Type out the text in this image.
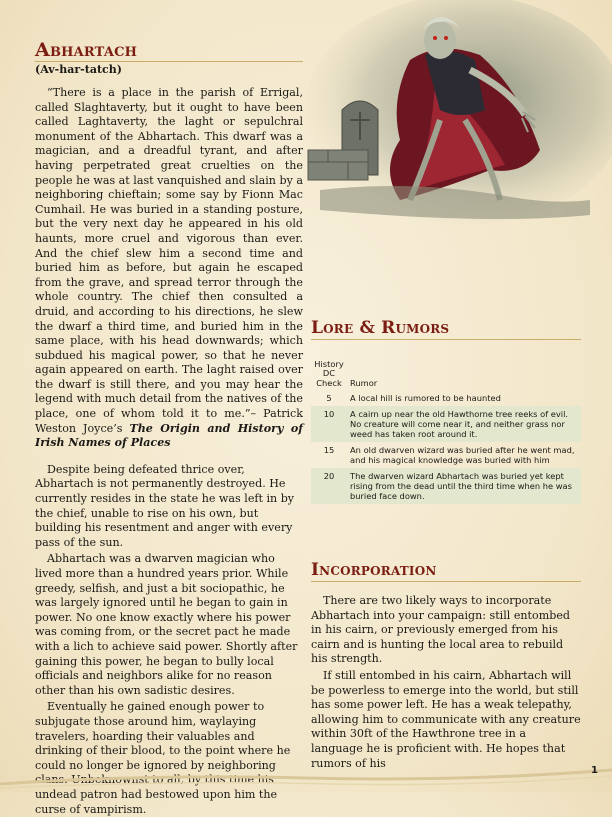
Abhartach
(Av-har-tatch)

“There is a place in the parish of Errigal, called Slaghtaverty, but it ought to have been called Laghtaverty, the laght or sepulchral monument of the Abhartach. This dwarf was a magician, and a dreadful tyrant, and after having perpetrated great cruelties on the people he was at last vanquished and slain by a neighboring chieftain; some say by Fionn Mac Cumhail. He was buried in a standing posture, but the very next day he appeared in his old haunts, more cruel and vigorous than ever. And the chief slew him a second time and buried him as before, but again he escaped from the grave, and spread terror through the whole country. The chief then consulted a druid, and according to his directions, he slew the dwarf a third time, and buried him in the same place, with his head downwards; which subdued his magical power, so that he never again appeared on earth. The laght raised over the dwarf is still there, and you may hear the legend with much detail from the natives of the place, one of whom told it to me.”– Patrick Weston Joyce’s The Origin and History of Irish Names of Places

Despite being defeated thrice over, Abhartach is not permanently destroyed. He currently resides in the state he was left in by the chief, unable to rise on his own, but building his resentment and anger with every pass of the sun.

Abhartach was a dwarven magician who lived more than a hundred years prior. While greedy, selfish, and just a bit sociopathic, he was largely ignored until he began to gain in power. No one know exactly where his power was coming from, or the secret pact he made with a lich to achieve said power. Shortly after gaining this power, he began to bully local officials and neighbors alike for no reason other than his own sadistic desires.

Eventually he gained enough power to subjugate those around him, waylaying travelers, hoarding their valuables and drinking of their blood, to the point where he could no longer be ignored by neighboring clans. Unbeknownst to all, by this time his undead patron had bestowed upon him the curse of vampirism.

Lore & Rumors
History
DC
Check	Rumor
5	A local hill is rumored to be haunted
10	A cairn up near the old Hawthorne tree reeks of evil. No creature will come near it, and neither grass nor weed has taken root around it.
15	An old dwarven wizard was buried after he went mad, and his magical knowledge was buried with him
20	The dwarven wizard Abhartach was buried yet kept rising from the dead until the third time when he was buried face down.
Incorporation

There are two likely ways to incorporate Abhartach into your campaign: still entombed in his cairn, or previously emerged from his cairn and is hunting the local area to rebuild his strength.

If still entombed in his cairn, Abhartach will be powerless to emerge into the world, but still has some power left. He has a weak telepathy, allowing him to communicate with any creature within 30ft of the Hawthrone tree in a language he is proficient with. He hopes that rumors of his

1
